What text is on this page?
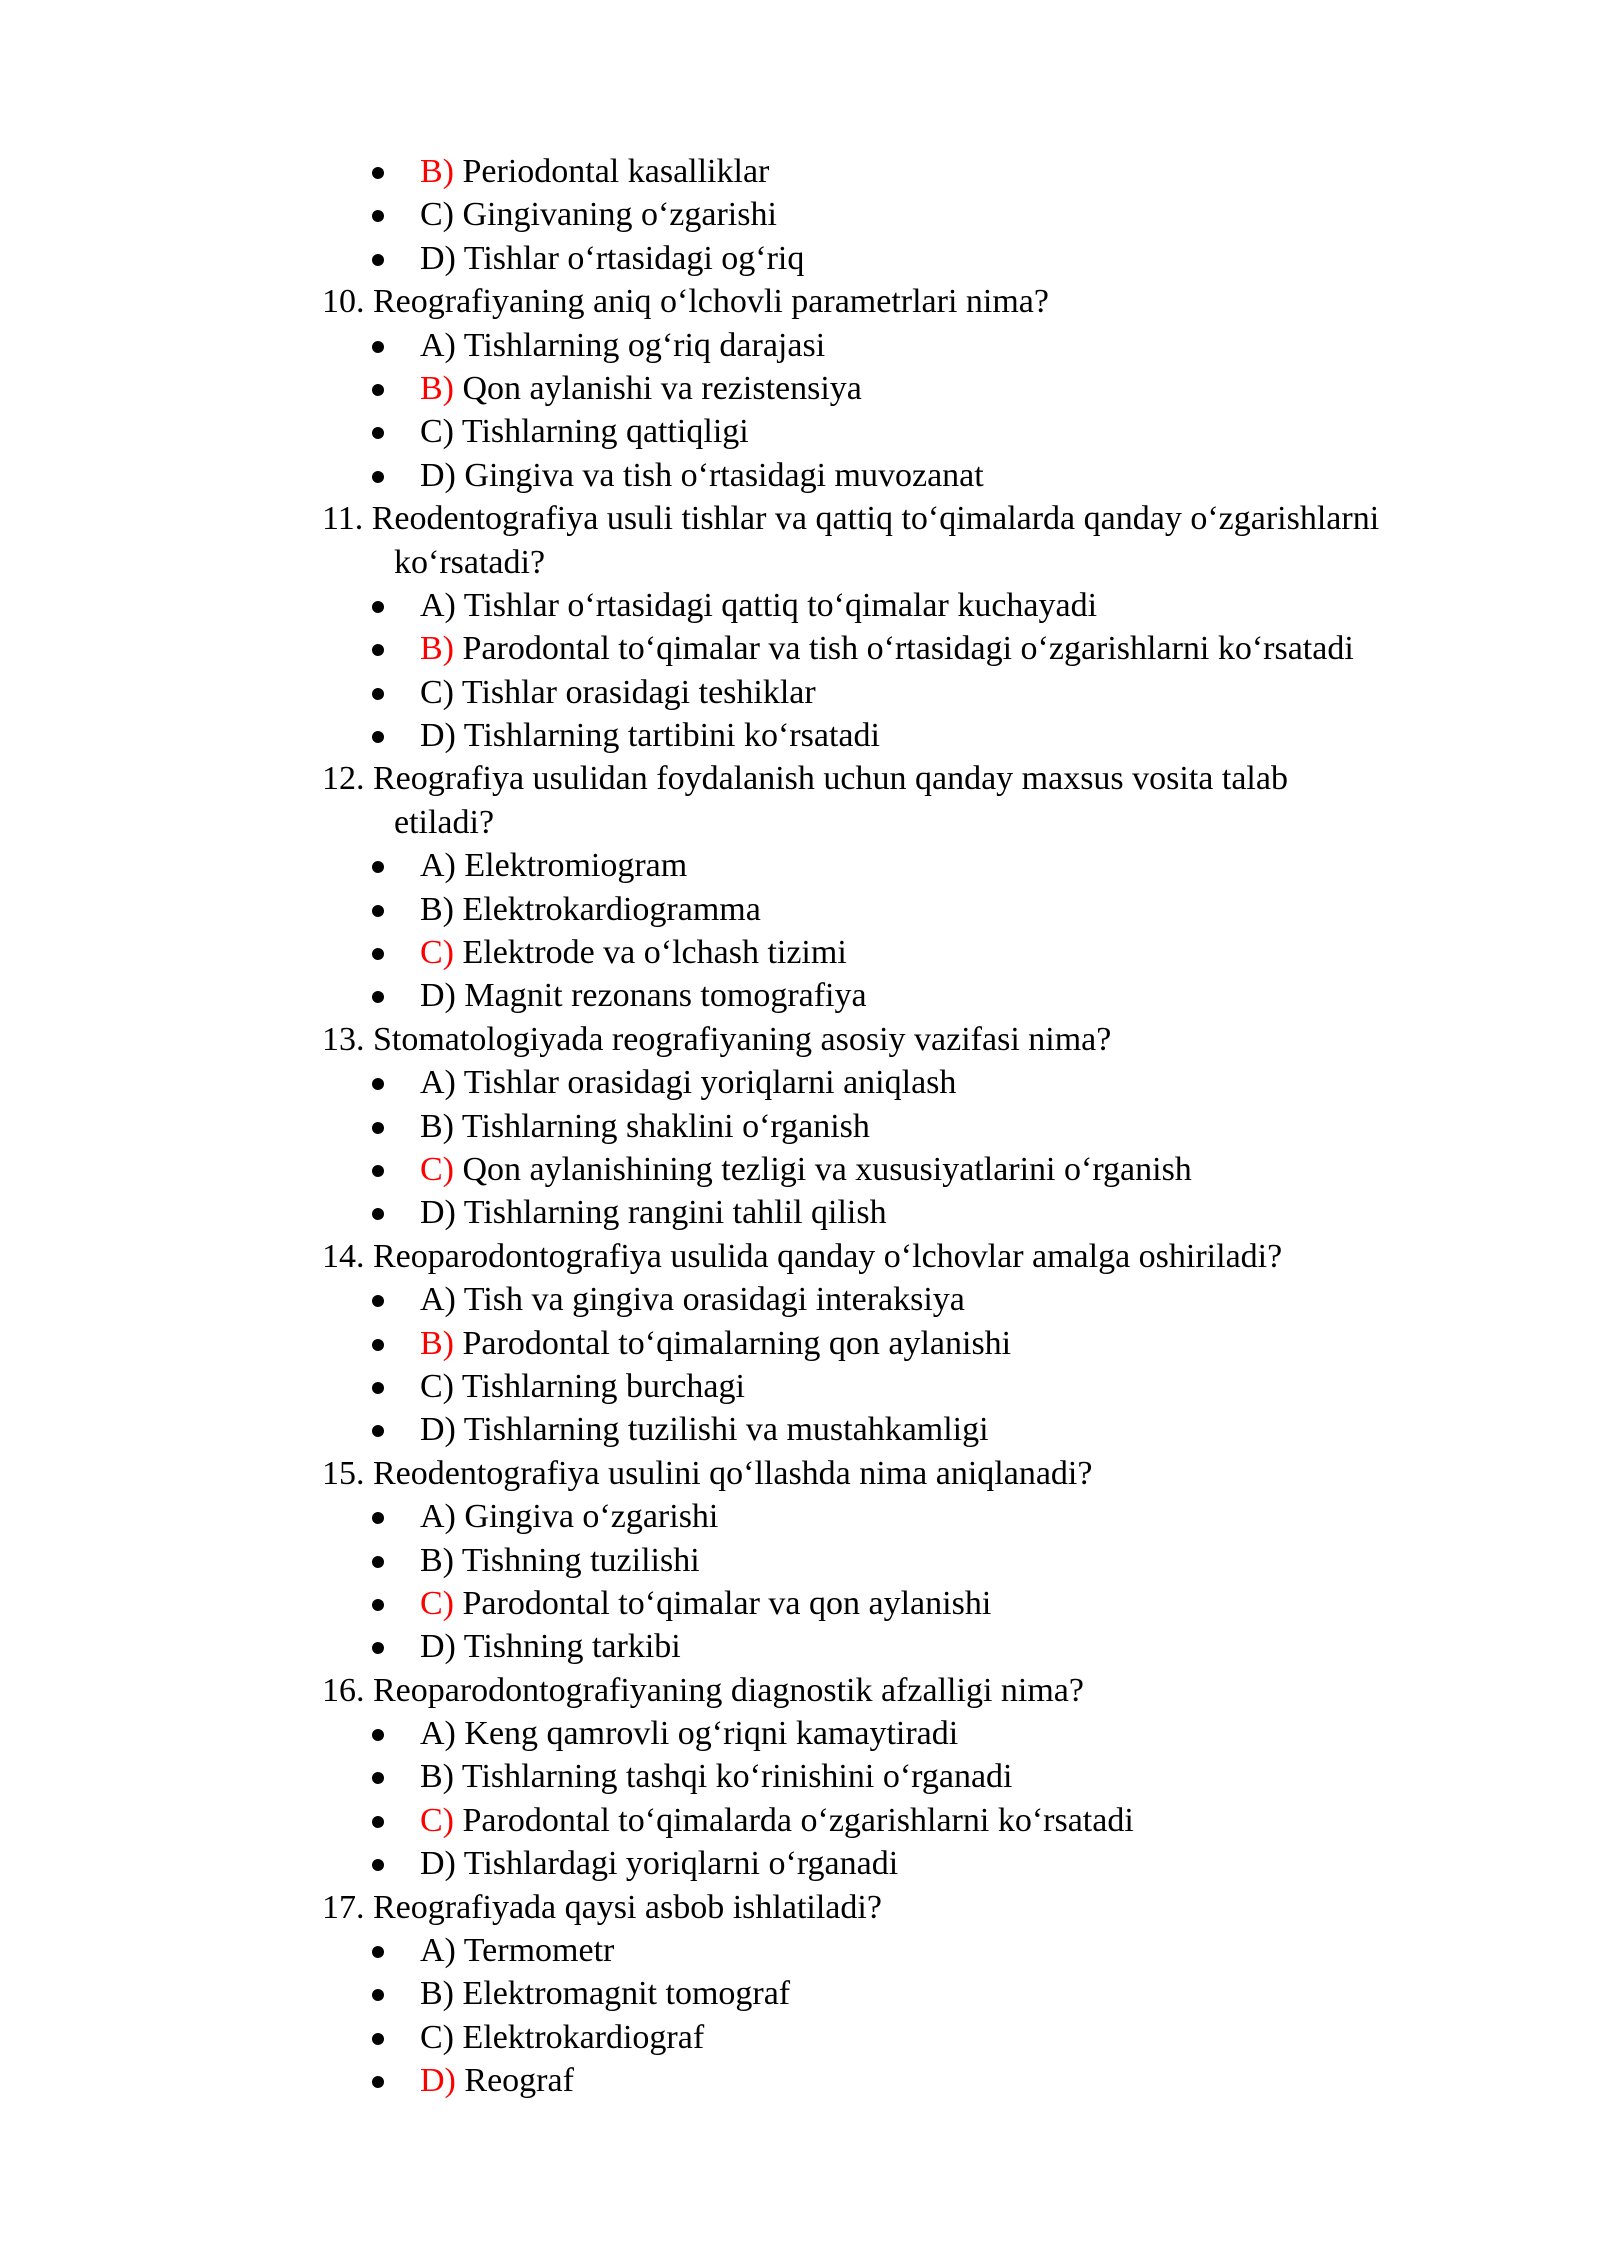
B) Periodontal kasalliklar
C) Gingivaning o‘zgarishi
D) Tishlar o‘rtasidagi og‘riq
10. Reografiyaning aniq o‘lchovli parametrlari nima?
A) Tishlarning og‘riq darajasi
B) Qon aylanishi va rezistensiya
C) Tishlarning qattiqligi
D) Gingiva va tish o‘rtasidagi muvozanat
11. Reodentografiya usuli tishlar va qattiq to‘qimalarda qanday o‘zgarishlarni
ko‘rsatadi?
A) Tishlar o‘rtasidagi qattiq to‘qimalar kuchayadi
B) Parodontal to‘qimalar va tish o‘rtasidagi o‘zgarishlarni ko‘rsatadi
C) Tishlar orasidagi teshiklar
D) Tishlarning tartibini ko‘rsatadi
12. Reografiya usulidan foydalanish uchun qanday maxsus vosita talab
etiladi?
A) Elektromiogram
B) Elektrokardiogramma
C) Elektrode va o‘lchash tizimi
D) Magnit rezonans tomografiya
13. Stomatologiyada reografiyaning asosiy vazifasi nima?
A) Tishlar orasidagi yoriqlarni aniqlash
B) Tishlarning shaklini o‘rganish
C) Qon aylanishining tezligi va xususiyatlarini o‘rganish
D) Tishlarning rangini tahlil qilish
14. Reoparodontografiya usulida qanday o‘lchovlar amalga oshiriladi?
A) Tish va gingiva orasidagi interaksiya
B) Parodontal to‘qimalarning qon aylanishi
C) Tishlarning burchagi
D) Tishlarning tuzilishi va mustahkamligi
15. Reodentografiya usulini qo‘llashda nima aniqlanadi?
A) Gingiva o‘zgarishi
B) Tishning tuzilishi
C) Parodontal to‘qimalar va qon aylanishi
D) Tishning tarkibi
16. Reoparodontografiyaning diagnostik afzalligi nima?
A) Keng qamrovli og‘riqni kamaytiradi
B) Tishlarning tashqi ko‘rinishini o‘rganadi
C) Parodontal to‘qimalarda o‘zgarishlarni ko‘rsatadi
D) Tishlardagi yoriqlarni o‘rganadi
17. Reografiyada qaysi asbob ishlatiladi?
A) Termometr
B) Elektromagnit tomograf
C) Elektrokardiograf
D) Reograf
